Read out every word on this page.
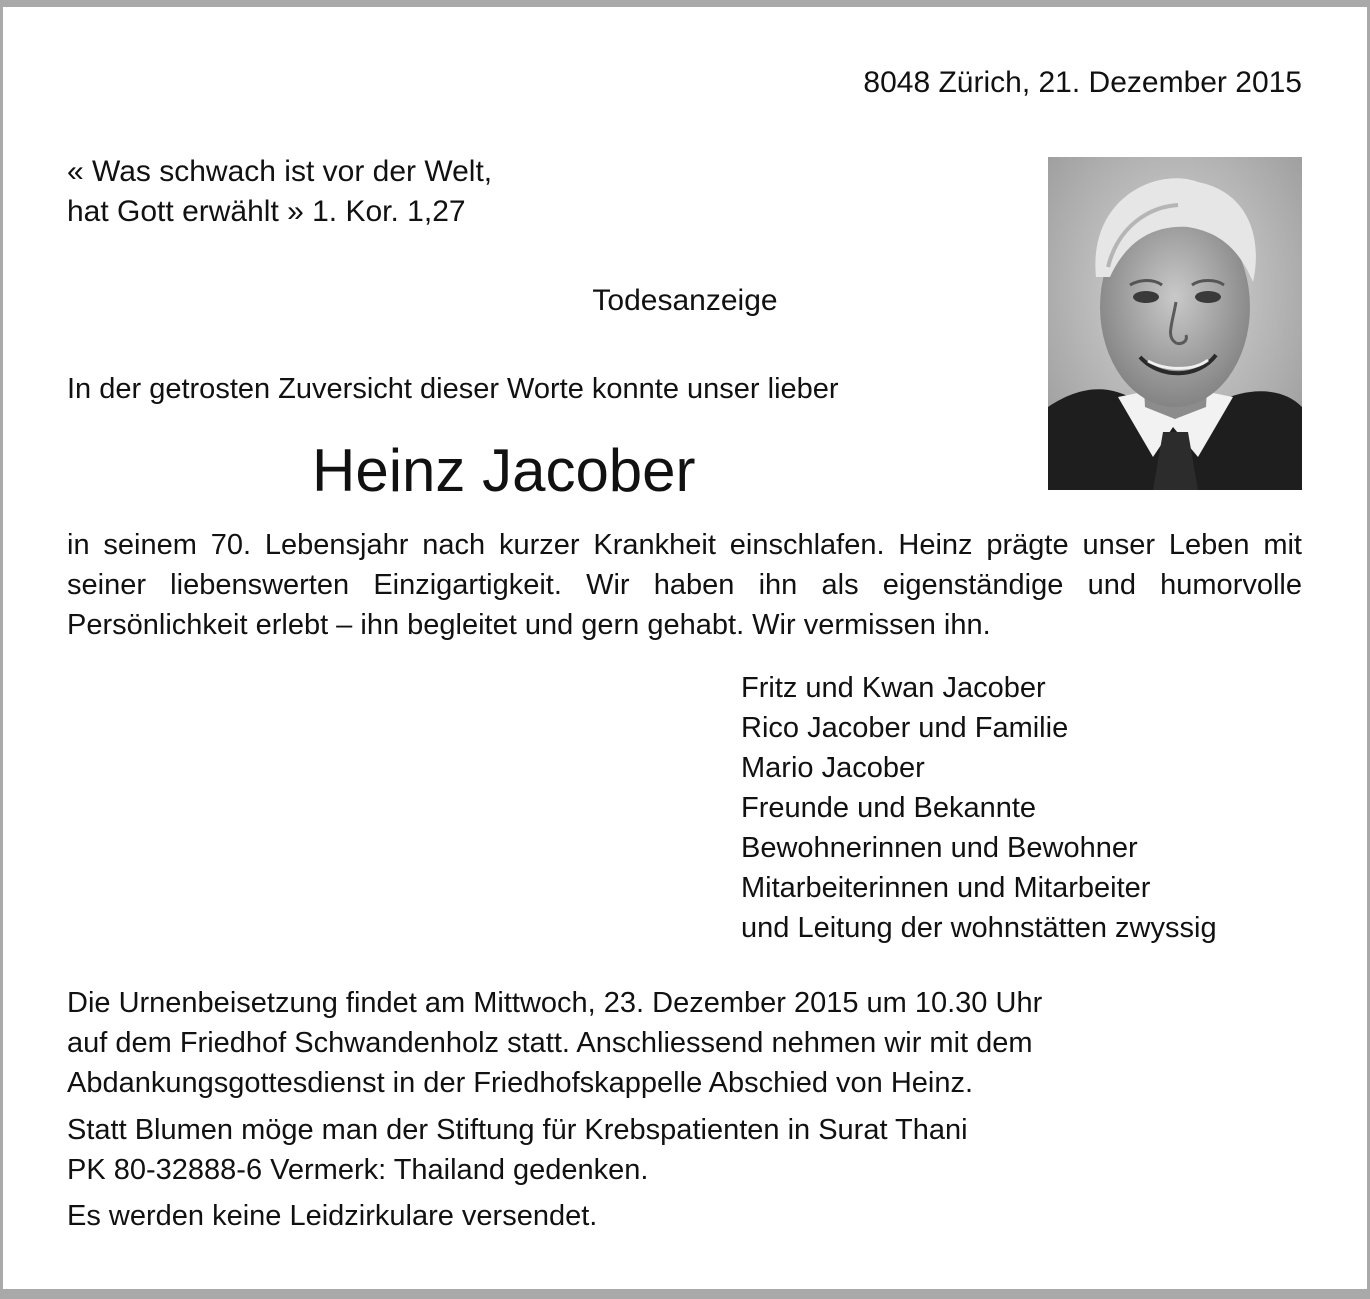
8048 Zürich, 21. Dezember 2015

« Was schwach ist vor der Welt,
hat Gott erwählt » 1. Kor. 1,27

Todesanzeige

In der getrosten Zuversicht dieser Worte konnte unser lieber

Heinz Jacober

in seinem 70. Lebensjahr nach kurzer Krankheit einschlafen. Heinz prägte unser Leben mit seiner liebenswerten Einzigartigkeit. Wir haben ihn als eigenständige und humorvolle Persönlichkeit erlebt – ihn begleitet und gern gehabt. Wir vermissen ihn.

Fritz und Kwan Jacober
Rico Jacober und Familie
Mario Jacober
Freunde und Bekannte
Bewohnerinnen und Bewohner
Mitarbeiterinnen und Mitarbeiter
und Leitung der wohnstätten zwyssig

Die Urnenbeisetzung findet am Mittwoch, 23. Dezember 2015 um 10.30 Uhr
auf dem Friedhof Schwandenholz statt. Anschliessend nehmen wir mit dem
Abdankungsgottesdienst in der Friedhofskappelle Abschied von Heinz.

Statt Blumen möge man der Stiftung für Krebspatienten in Surat Thani
PK 80-32888-6 Vermerk: Thailand gedenken.

Es werden keine Leidzirkulare versendet.
